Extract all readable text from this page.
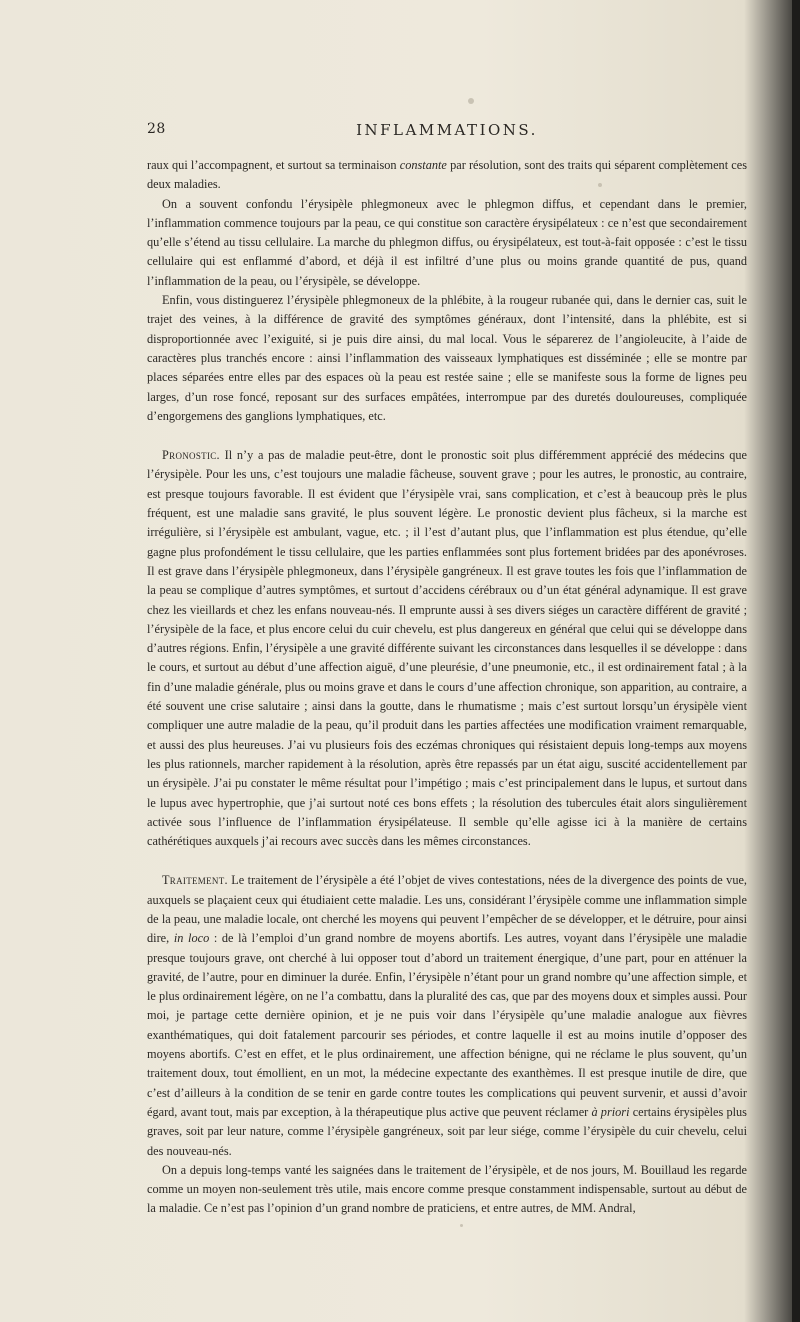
28	INFLAMMATIONS.

raux qui l’accompagnent, et surtout sa terminaison constante par résolution, sont des traits qui séparent complètement ces deux maladies.

On a souvent confondu l’érysipèle phlegmoneux avec le phlegmon diffus, et cependant dans le premier, l’inflammation commence toujours par la peau, ce qui constitue son caractère érysipélateux : ce n’est que secondairement qu’elle s’étend au tissu cellulaire. La marche du phlegmon diffus, ou érysipélateux, est tout-à-fait opposée : c’est le tissu cellulaire qui est enflammé d’abord, et déjà il est infiltré d’une plus ou moins grande quantité de pus, quand l’inflammation de la peau, ou l’érysipèle, se développe.

Enfin, vous distinguerez l’érysipèle phlegmoneux de la phlébite, à la rougeur rubanée qui, dans le dernier cas, suit le trajet des veines, à la différence de gravité des symptômes généraux, dont l’intensité, dans la phlébite, est si disproportionnée avec l’exiguité, si je puis dire ainsi, du mal local. Vous le séparerez de l’angioleucite, à l’aide de caractères plus tranchés encore : ainsi l’inflammation des vaisseaux lymphatiques est disséminée ; elle se montre par places séparées entre elles par des espaces où la peau est restée saine ; elle se manifeste sous la forme de lignes peu larges, d’un rose foncé, reposant sur des surfaces empâtées, interrompue par des duretés douloureuses, compliquée d’engorgemens des ganglions lymphatiques, etc.

Pronostic. Il n’y a pas de maladie peut-être, dont le pronostic soit plus différemment apprécié des médecins que l’érysipèle. Pour les uns, c’est toujours une maladie fâcheuse, souvent grave ; pour les autres, le pronostic, au contraire, est presque toujours favorable. Il est évident que l’érysipèle vrai, sans complication, et c’est à beaucoup près le plus fréquent, est une maladie sans gravité, le plus souvent légère. Le pronostic devient plus fâcheux, si la marche est irrégulière, si l’érysipèle est ambulant, vague, etc. ; il l’est d’autant plus, que l’inflammation est plus étendue, qu’elle gagne plus profondément le tissu cellulaire, que les parties enflammées sont plus fortement bridées par des aponévroses. Il est grave dans l’érysipèle phlegmoneux, dans l’érysipèle gangréneux. Il est grave toutes les fois que l’inflammation de la peau se complique d’autres symptômes, et surtout d’accidens cérébraux ou d’un état général adynamique. Il est grave chez les vieillards et chez les enfans nouveau-nés. Il emprunte aussi à ses divers siéges un caractère différent de gravité ; l’érysipèle de la face, et plus encore celui du cuir chevelu, est plus dangereux en général que celui qui se développe dans d’autres régions. Enfin, l’érysipèle a une gravité différente suivant les circonstances dans lesquelles il se développe : dans le cours, et surtout au début d’une affection aiguë, d’une pleurésie, d’une pneumonie, etc., il est ordinairement fatal ; à la fin d’une maladie générale, plus ou moins grave et dans le cours d’une affection chronique, son apparition, au contraire, a été souvent une crise salutaire ; ainsi dans la goutte, dans le rhumatisme ; mais c’est surtout lorsqu’un érysipèle vient compliquer une autre maladie de la peau, qu’il produit dans les parties affectées une modification vraiment remarquable, et aussi des plus heureuses. J’ai vu plusieurs fois des eczémas chroniques qui résistaient depuis long-temps aux moyens les plus rationnels, marcher rapidement à la résolution, après être repassés par un état aigu, suscité accidentellement par un érysipèle. J’ai pu constater le même résultat pour l’impétigo ; mais c’est principalement dans le lupus, et surtout dans le lupus avec hypertrophie, que j’ai surtout noté ces bons effets ; la résolution des tubercules était alors singulièrement activée sous l’influence de l’inflammation érysipélateuse. Il semble qu’elle agisse ici à la manière de certains cathérétiques auxquels j’ai recours avec succès dans les mêmes circonstances.

Traitement. Le traitement de l’érysipèle a été l’objet de vives contestations, nées de la divergence des points de vue, auxquels se plaçaient ceux qui étudiaient cette maladie. Les uns, considérant l’érysipèle comme une inflammation simple de la peau, une maladie locale, ont cherché les moyens qui peuvent l’empêcher de se développer, et le détruire, pour ainsi dire, in loco : de là l’emploi d’un grand nombre de moyens abortifs. Les autres, voyant dans l’érysipèle une maladie presque toujours grave, ont cherché à lui opposer tout d’abord un traitement énergique, d’une part, pour en atténuer la gravité, de l’autre, pour en diminuer la durée. Enfin, l’érysipèle n’étant pour un grand nombre qu’une affection simple, et le plus ordinairement légère, on ne l’a combattu, dans la pluralité des cas, que par des moyens doux et simples aussi. Pour moi, je partage cette dernière opinion, et je ne puis voir dans l’érysipèle qu’une maladie analogue aux fièvres exanthématiques, qui doit fatalement parcourir ses périodes, et contre laquelle il est au moins inutile d’opposer des moyens abortifs. C’est en effet, et le plus ordinairement, une affection bénigne, qui ne réclame le plus souvent, qu’un traitement doux, tout émollient, en un mot, la médecine expectante des exanthèmes. Il est presque inutile de dire, que c’est d’ailleurs à la condition de se tenir en garde contre toutes les complications qui peuvent survenir, et aussi d’avoir égard, avant tout, mais par exception, à la thérapeutique plus active que peuvent réclamer à priori certains érysipèles plus graves, soit par leur nature, comme l’érysipèle gangréneux, soit par leur siége, comme l’érysipèle du cuir chevelu, celui des nouveau-nés.

On a depuis long-temps vanté les saignées dans le traitement de l’érysipèle, et de nos jours, M. Bouillaud les regarde comme un moyen non-seulement très utile, mais encore comme presque constamment indispensable, surtout au début de la maladie. Ce n’est pas l’opinion d’un grand nombre de praticiens, et entre autres, de MM. Andral,
